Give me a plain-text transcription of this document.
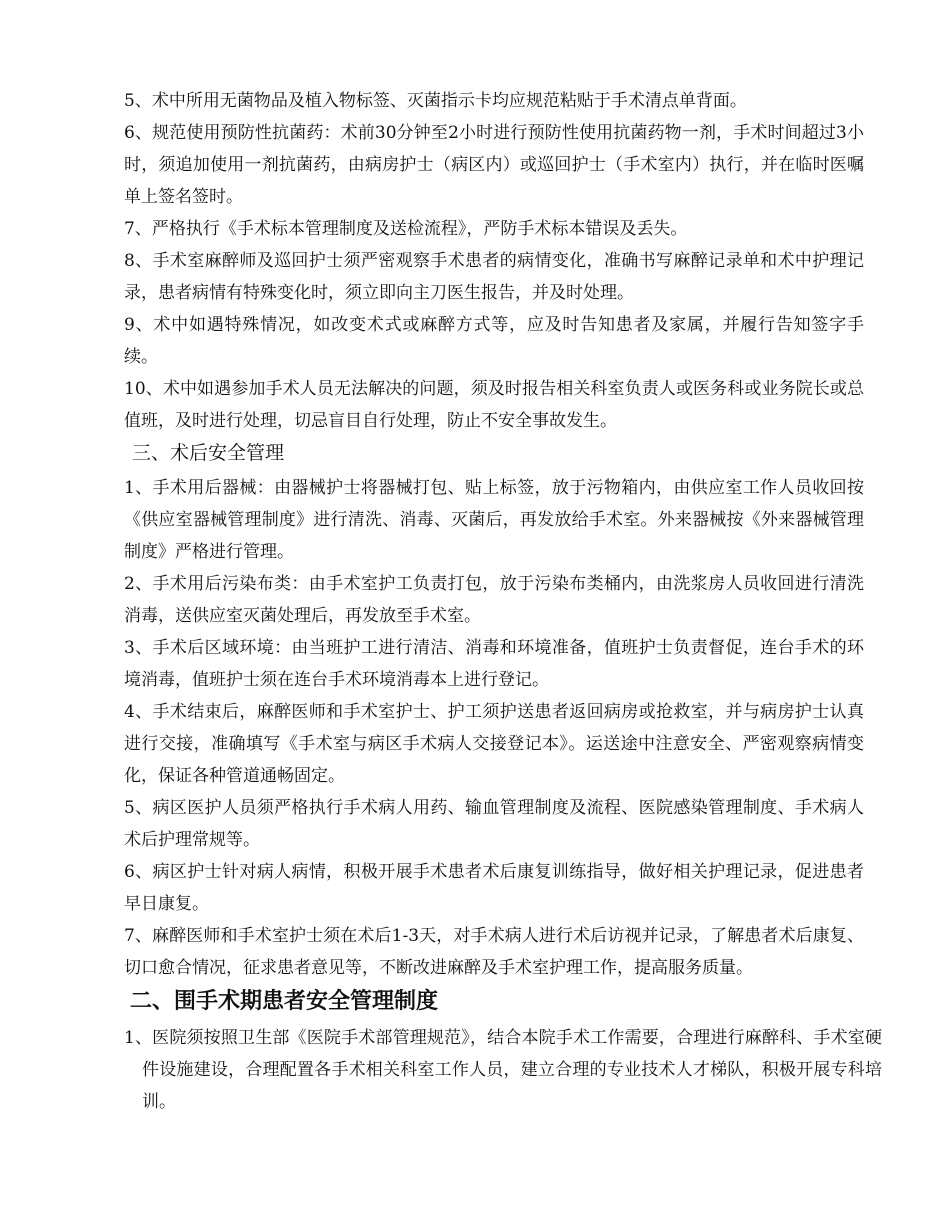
5、术中所用无菌物品及植入物标签、灭菌指示卡均应规范粘贴于手术清点单背面。

6、规范使用预防性抗菌药：术前30分钟至2小时进行预防性使用抗菌药物一剂，手术时间超过3小时，须追加使用一剂抗菌药，由病房护士（病区内）或巡回护士（手术室内）执行，并在临时医嘱单上签名签时。

7、严格执行《手术标本管理制度及送检流程》，严防手术标本错误及丢失。

8、手术室麻醉师及巡回护士须严密观察手术患者的病情变化，准确书写麻醉记录单和术中护理记录，患者病情有特殊变化时，须立即向主刀医生报告，并及时处理。

9、术中如遇特殊情况，如改变术式或麻醉方式等，应及时告知患者及家属，并履行告知签字手续。

10、术中如遇参加手术人员无法解决的问题，须及时报告相关科室负责人或医务科或业务院长或总值班，及时进行处理，切忌盲目自行处理，防止不安全事故发生。

三、术后安全管理

1、手术用后器械：由器械护士将器械打包、贴上标签，放于污物箱内，由供应室工作人员收回按《供应室器械管理制度》进行清洗、消毒、灭菌后，再发放给手术室。外来器械按《外来器械管理制度》严格进行管理。

2、手术用后污染布类：由手术室护工负责打包，放于污染布类桶内，由洗浆房人员收回进行清洗消毒，送供应室灭菌处理后，再发放至手术室。

3、手术后区域环境：由当班护工进行清洁、消毒和环境准备，值班护士负责督促，连台手术的环境消毒，值班护士须在连台手术环境消毒本上进行登记。

4、手术结束后，麻醉医师和手术室护士、护工须护送患者返回病房或抢救室，并与病房护士认真进行交接，准确填写《手术室与病区手术病人交接登记本》。运送途中注意安全、严密观察病情变化，保证各种管道通畅固定。

5、病区医护人员须严格执行手术病人用药、输血管理制度及流程、医院感染管理制度、手术病人术后护理常规等。

6、病区护士针对病人病情，积极开展手术患者术后康复训练指导，做好相关护理记录，促进患者早日康复。

7、麻醉医师和手术室护士须在术后1-3天，对手术病人进行术后访视并记录，了解患者术后康复、切口愈合情况，征求患者意见等，不断改进麻醉及手术室护理工作，提高服务质量。

二、围手术期患者安全管理制度

1、医院须按照卫生部《医院手术部管理规范》，结合本院手术工作需要，合理进行麻醉科、手术室硬件设施建设，合理配置各手术相关科室工作人员，建立合理的专业技术人才梯队，积极开展专科培训。
